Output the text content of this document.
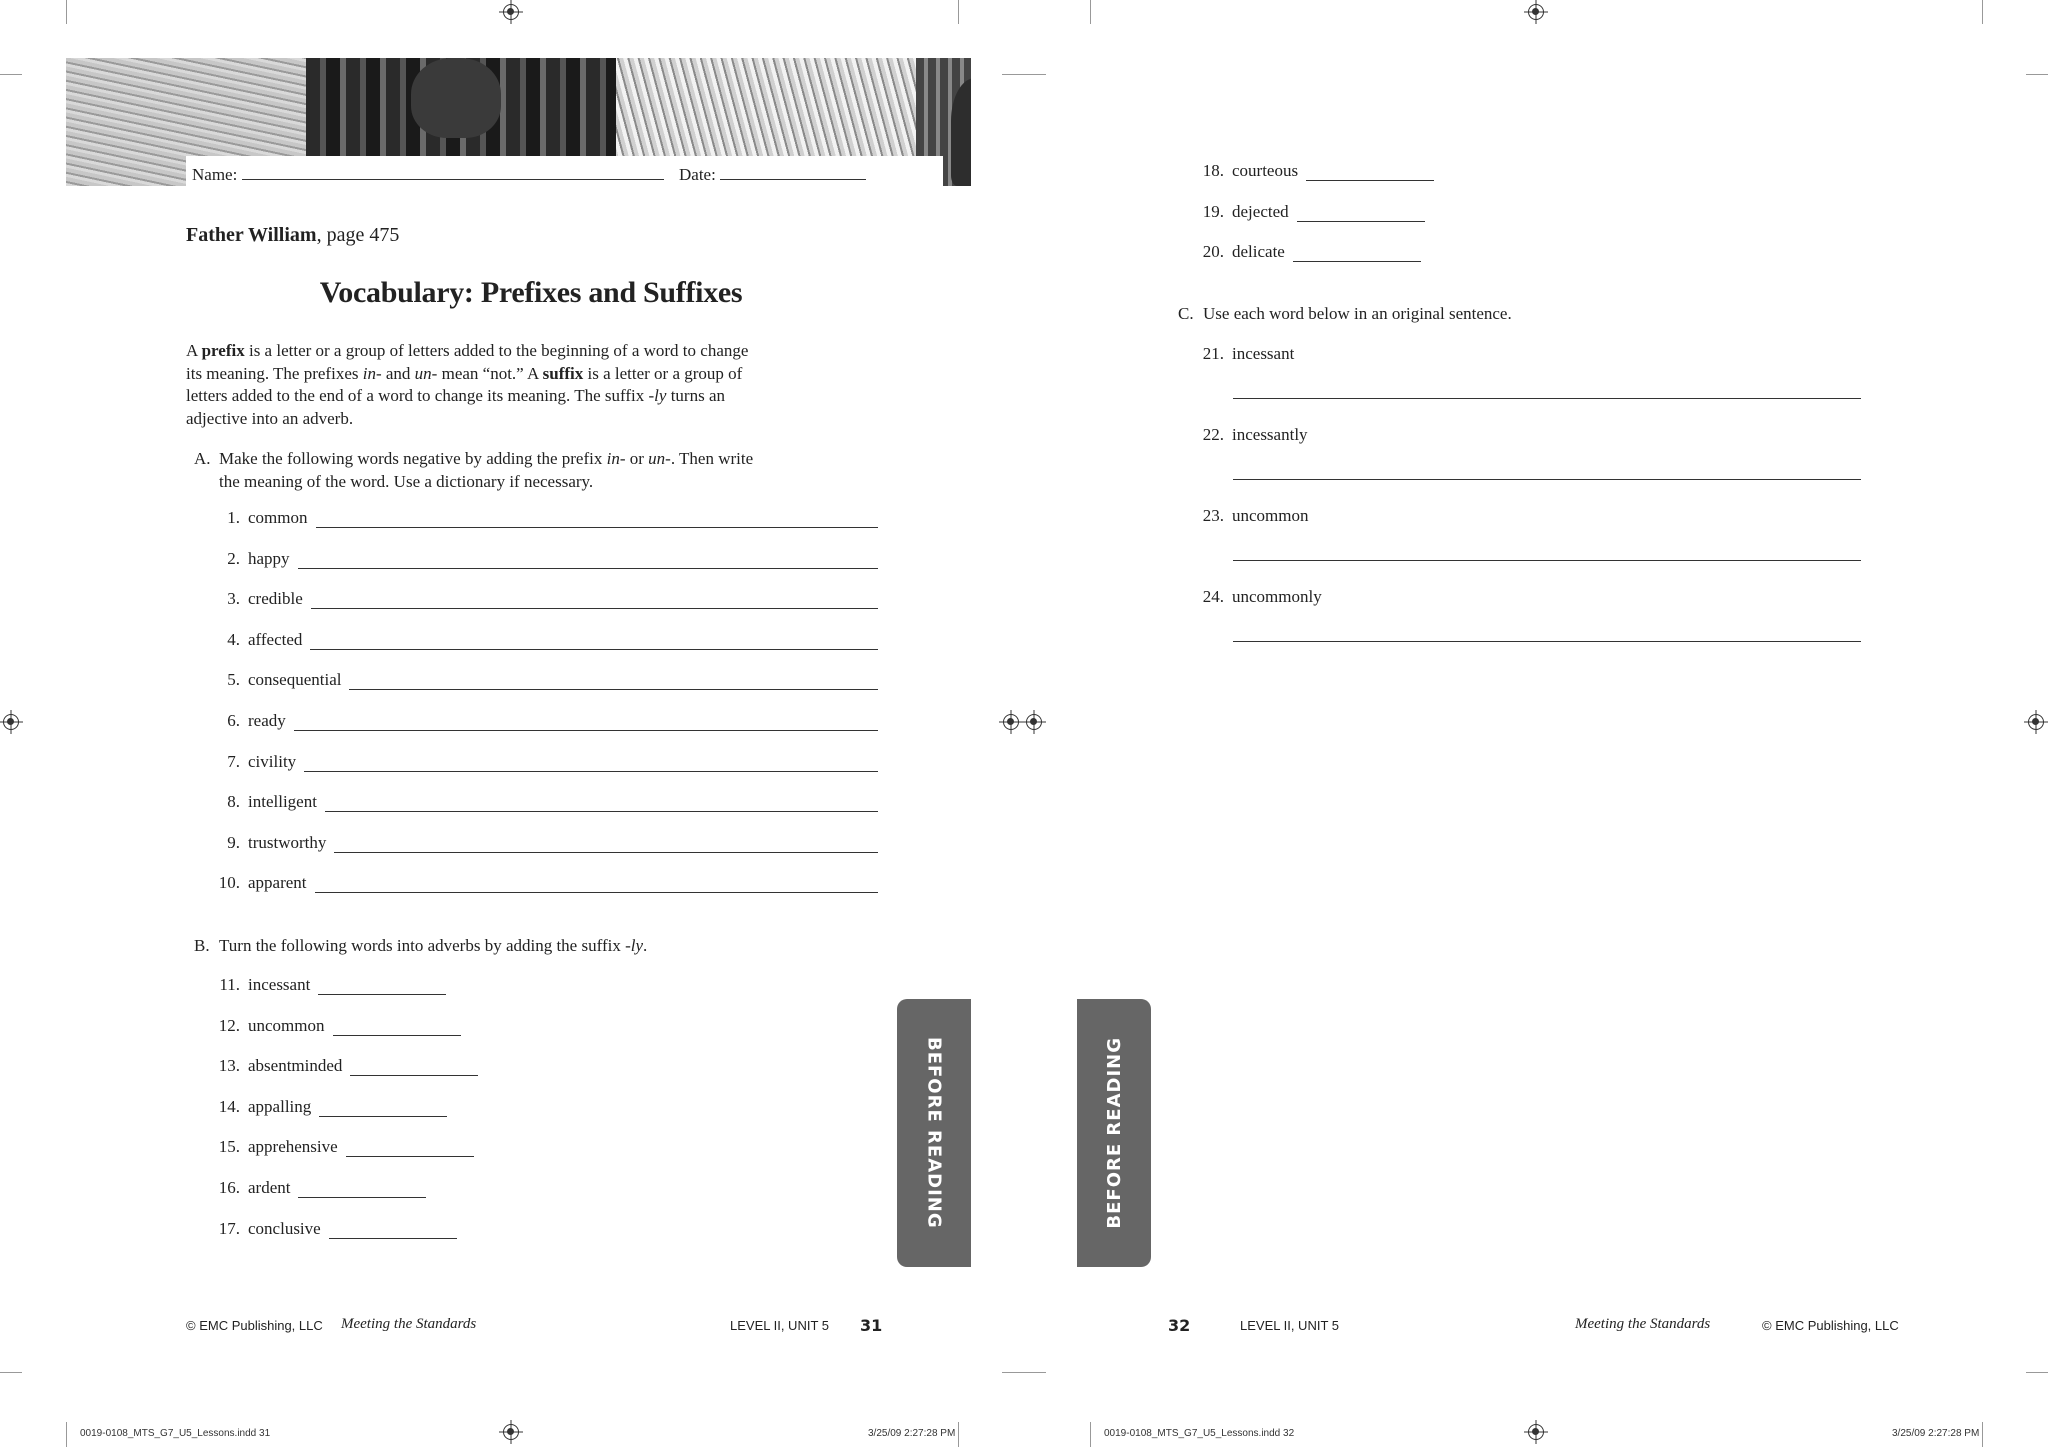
Name:	Date:
Father William, page 475
Vocabulary: Prefixes and Suffixes
A prefix is a letter or a group of letters added to the beginning of a word to change its meaning. The prefixes in- and un- mean “not.” A suffix is a letter or a group of letters added to the end of a word to change its meaning. The suffix -ly turns an adjective into an adverb.
A. Make the following words negative by adding the prefix in- or un-. Then write the meaning of the word. Use a dictionary if necessary.
1. common
2. happy
3. credible
4. affected
5. consequential
6. ready
7. civility
8. intelligent
9. trustworthy
10. apparent
B. Turn the following words into adverbs by adding the suffix -ly.
11. incessant
12. uncommon
13. absentminded
14. appalling
15. apprehensive
16. ardent
17. conclusive
18. courteous
19. dejected
20. delicate
C. Use each word below in an original sentence.
21. incessant
22. incessantly
23. uncommon
24. uncommonly
BEFORE READING	BEFORE READING
© EMC Publishing, LLC Meeting the Standards	LEVEL II, UNIT 5 31	32	LEVEL II, UNIT 5	Meeting the Standards	© EMC Publishing, LLC
0019-0108_MTS_G7_U5_Lessons.indd 31	3/25/09 2:27:28 PM	0019-0108_MTS_G7_U5_Lessons.indd 32	3/25/09 2:27:28 PM
